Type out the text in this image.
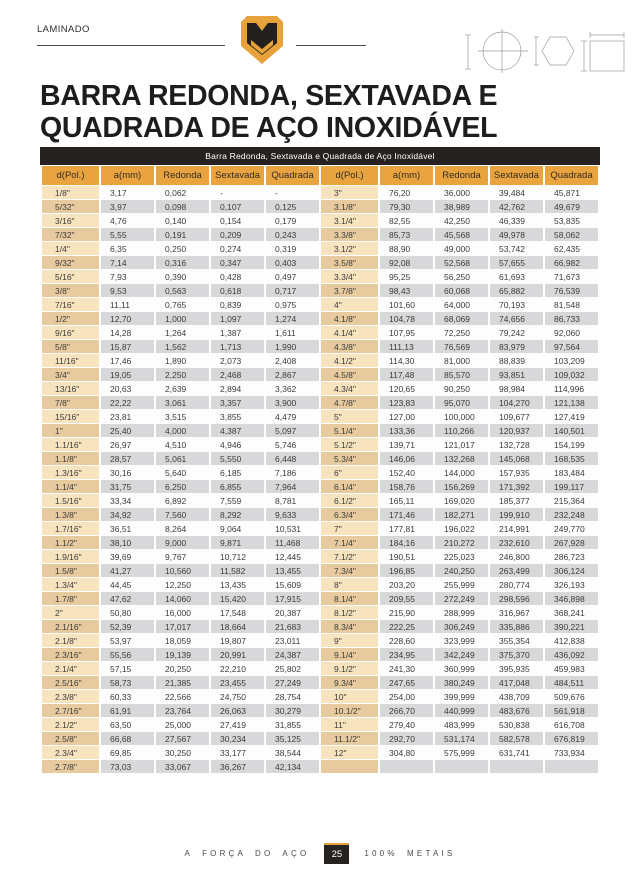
LAMINADO
BARRA REDONDA, SEXTAVADA E
QUADRADA DE AÇO INOXIDÁVEL
Barra Redonda, Sextavada e Quadrada de Aço Inoxidável
d(Pol.)	a(mm)	Redonda	Sextavada	Quadrada	d(Pol.)	a(mm)	Redonda	Sextavada	Quadrada
1/8"	3,17	0,062	-	-	3"	76,20	36,000	39,484	45,871
5/32"	3,97	0,098	0,107	0,125	3.1/8"	79,30	38,989	42,762	49,679
3/16"	4,76	0,140	0,154	0,179	3.1/4"	82,55	42,250	46,339	53,835
7/32"	5,55	0,191	0,209	0,243	3.3/8"	85,73	45,568	49,978	58,062
1/4"	6,35	0,250	0,274	0,319	3.1/2"	88,90	49,000	53,742	62,435
9/32"	7,14	0,316	0,347	0,403	3.5/8"	92,08	52,568	57,655	66,982
5/16"	7,93	0,390	0,428	0,497	3.3/4"	95,25	56,250	61,693	71,673
3/8"	9,53	0,563	0,618	0,717	3.7/8"	98,43	60,068	65,882	76,539
7/16"	11,11	0,765	0,839	0,975	4"	101,60	64,000	70,193	81,548
1/2"	12,70	1,000	1,097	1,274	4.1/8"	104,78	68,069	74,656	86,733
9/16"	14,28	1,264	1,387	1,611	4.1/4"	107,95	72,250	79,242	92,060
5/8"	15,87	1,562	1,713	1,990	4.3/8"	111,13	76,569	83,979	97,564
11/16"	17,46	1,890	2,073	2,408	4.1/2"	114,30	81,000	88,839	103,209
3/4"	19,05	2,250	2,468	2,867	4.5/8"	117,48	85,570	93,851	109,032
13/16"	20,63	2,639	2,894	3,362	4.3/4"	120,65	90,250	98,984	114,996
7/8"	22,22	3,061	3,357	3,900	4.7/8"	123,83	95,070	104,270	121,138
15/16"	23,81	3,515	3,855	4,479	5"	127,00	100,000	109,677	127,419
1"	25,40	4,000	4,387	5,097	5.1/4"	133,36	110,266	120,937	140,501
1.1/16"	26,97	4,510	4,946	5,746	5.1/2"	139,71	121,017	132,728	154,199
1.1/8"	28,57	5,061	5,550	6,448	5.3/4"	146,06	132,268	145,068	168,535
1.3/16"	30,16	5,640	6,185	7,186	6"	152,40	144,000	157,935	183,484
1.1/4"	31,75	6,250	6,855	7,964	6.1/4"	158,76	156,269	171,392	199,117
1.5/16"	33,34	6,892	7,559	8,781	6.1/2"	165,11	169,020	185,377	215,364
1.3/8"	34,92	7,560	8,292	9,633	6.3/4"	171,46	182,271	199,910	232,248
1.7/16"	36,51	8,264	9,064	10,531	7"	177,81	196,022	214,991	249,770
1.1/2"	38,10	9,000	9,871	11,468	7.1/4"	184,16	210,272	232,610	267,928
1.9/16"	39,69	9,767	10,712	12,445	7.1/2"	190,51	225,023	246,800	286,723
1.5/8"	41,27	10,560	11,582	13,455	7.3/4"	196,85	240,250	263,499	306,124
1.3/4"	44,45	12,250	13,435	15,609	8"	203,20	255,999	280,774	326,193
1.7/8"	47,62	14,060	15,420	17,915	8.1/4"	209,55	272,249	298,596	346,898
2"	50,80	16,000	17,548	20,387	8.1/2"	215,90	288,999	316,967	368,241
2.1/16"	52,39	17,017	18,664	21,683	8.3/4"	222,25	306,249	335,886	390,221
2.1/8"	53,97	18,059	19,807	23,011	9"	228,60	323,999	355,354	412,838
2.3/16"	55,56	19,139	20,991	24,387	9.1/4"	234,95	342,249	375,370	436,092
2.1/4"	57,15	20,250	22,210	25,802	9.1/2"	241,30	360,999	395,935	459,983
2.5/16"	58,73	21,385	23,455	27,249	9.3/4"	247,65	380,249	417,048	484,511
2.3/8"	60,33	22,566	24,750	28,754	10"	254,00	399,999	438,709	509,676
2.7/16"	61,91	23,764	26,063	30,279	10.1/2"	266,70	440,999	483,676	561,918
2.1/2"	63,50	25,000	27,419	31,855	11"	279,40	483,999	530,838	616,708
2.5/8"	66,68	27,567	30,234	35,125	11.1/2"	292,70	531,174	582,578	676,819
2.3/4"	69,85	30,250	33,177	38,544	12"	304,80	575,999	631,741	733,934
2.7/8"	73,03	33,067	36,267	42,134					
A FORÇA DO AÇO	25	100% METAIS
